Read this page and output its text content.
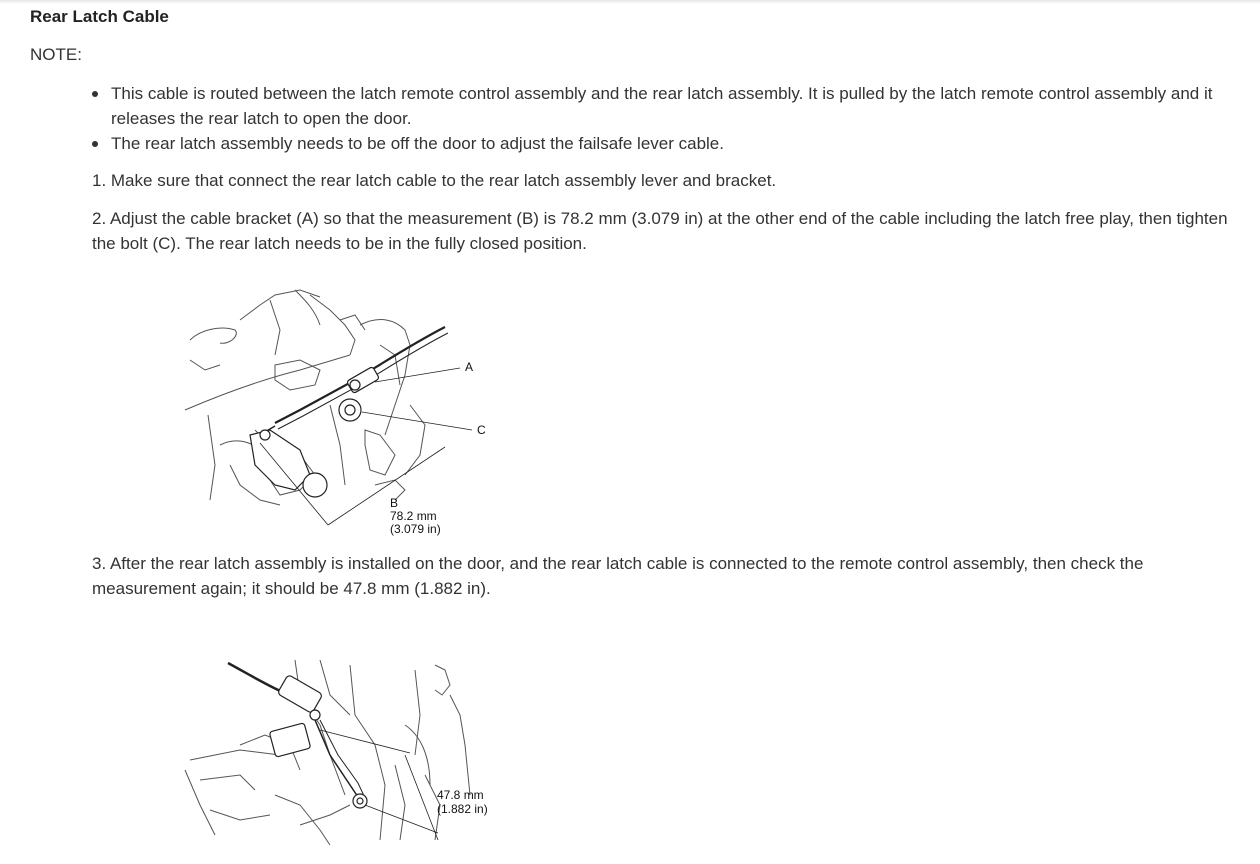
Rear Latch Cable
NOTE:
This cable is routed between the latch remote control assembly and the rear latch assembly. It is pulled by the latch remote control assembly and it releases the rear latch to open the door.
The rear latch assembly needs to be off the door to adjust the failsafe lever cable.

1. Make sure that connect the rear latch cable to the rear latch assembly lever and bracket.

2. Adjust the cable bracket (A) so that the measurement (B) is 78.2 mm (3.079 in) at the other end of the cable including the latch free play, then tighten the bolt (C). The rear latch needs to be in the fully closed position.

A
C
B
78.2 mm
(3.079 in)

3. After the rear latch assembly is installed on the door, and the rear latch cable is connected to the remote control assembly, then check the measurement again; it should be 47.8 mm (1.882 in).

47.8 mm
(1.882 in)
